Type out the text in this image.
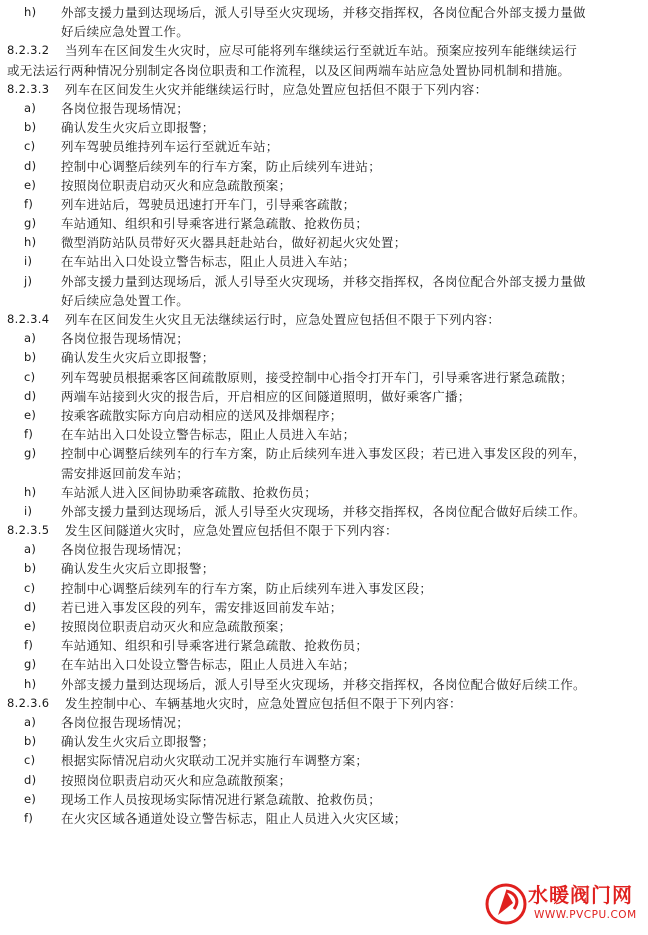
h) 外部支援力量到达现场后，派人引导至火灾现场，并移交指挥权，各岗位配合外部支援力量做
好后续应急处置工作。
8.2.3.2 当列车在区间发生火灾时，应尽可能将列车继续运行至就近车站。预案应按列车能继续运行
或无法运行两种情况分别制定各岗位职责和工作流程，以及区间两端车站应急处置协同机制和措施。
8.2.3.3 列车在区间发生火灾并能继续运行时，应急处置应包括但不限于下列内容：
a) 各岗位报告现场情况；
b) 确认发生火灾后立即报警；
c) 列车驾驶员维持列车运行至就近车站；
d) 控制中心调整后续列车的行车方案，防止后续列车进站；
e) 按照岗位职责启动灭火和应急疏散预案；
f) 列车进站后，驾驶员迅速打开车门，引导乘客疏散；
g) 车站通知、组织和引导乘客进行紧急疏散、抢救伤员；
h) 微型消防站队员带好灭火器具赶赴站台，做好初起火灾处置；
i) 在车站出入口处设立警告标志，阻止人员进入车站；
j) 外部支援力量到达现场后，派人引导至火灾现场，并移交指挥权，各岗位配合外部支援力量做
好后续应急处置工作。
8.2.3.4 列车在区间发生火灾且无法继续运行时，应急处置应包括但不限于下列内容：
a) 各岗位报告现场情况；
b) 确认发生火灾后立即报警；
c) 列车驾驶员根据乘客区间疏散原则，接受控制中心指令打开车门，引导乘客进行紧急疏散；
d) 两端车站接到火灾的报告后，开启相应的区间隧道照明，做好乘客广播；
e) 按乘客疏散实际方向启动相应的送风及排烟程序；
f) 在车站出入口处设立警告标志，阻止人员进入车站；
g) 控制中心调整后续列车的行车方案，防止后续列车进入事发区段；若已进入事发区段的列车，
需安排返回前发车站；
h) 车站派人进入区间协助乘客疏散、抢救伤员；
i) 外部支援力量到达现场后，派人引导至火灾现场，并移交指挥权，各岗位配合做好后续工作。
8.2.3.5 发生区间隧道火灾时，应急处置应包括但不限于下列内容：
a) 各岗位报告现场情况；
b) 确认发生火灾后立即报警；
c) 控制中心调整后续列车的行车方案，防止后续列车进入事发区段；
d) 若已进入事发区段的列车，需安排返回前发车站；
e) 按照岗位职责启动灭火和应急疏散预案；
f) 车站通知、组织和引导乘客进行紧急疏散、抢救伤员；
g) 在车站出入口处设立警告标志，阻止人员进入车站；
h) 外部支援力量到达现场后，派人引导至火灾现场，并移交指挥权，各岗位配合做好后续工作。
8.2.3.6 发生控制中心、车辆基地火灾时，应急处置应包括但不限于下列内容：
a) 各岗位报告现场情况；
b) 确认发生火灾后立即报警；
c) 根据实际情况启动火灾联动工况并实施行车调整方案；
d) 按照岗位职责启动灭火和应急疏散预案；
e) 现场工作人员按现场实际情况进行紧急疏散、抢救伤员；
f) 在火灾区域各通道处设立警告标志，阻止人员进入火灾区域；
水暖阀门网
WWW.PVCPU.COM
